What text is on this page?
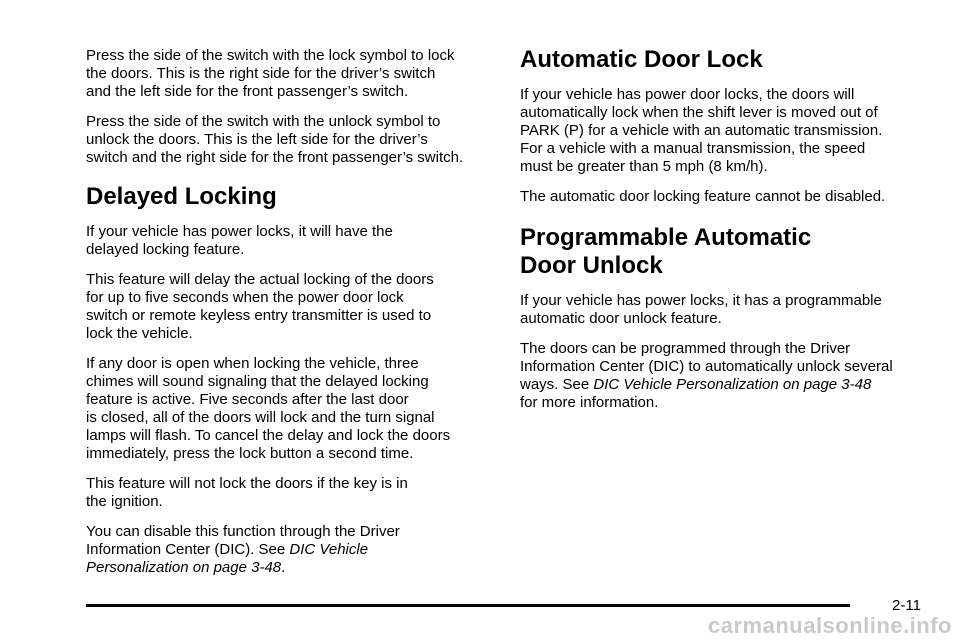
Press the side of the switch with the lock symbol to lock
the doors. This is the right side for the driver’s switch
and the left side for the front passenger’s switch.

Press the side of the switch with the unlock symbol to
unlock the doors. This is the left side for the driver’s
switch and the right side for the front passenger’s switch.

Delayed Locking

If your vehicle has power locks, it will have the
delayed locking feature.

This feature will delay the actual locking of the doors
for up to five seconds when the power door lock
switch or remote keyless entry transmitter is used to
lock the vehicle.

If any door is open when locking the vehicle, three
chimes will sound signaling that the delayed locking
feature is active. Five seconds after the last door
is closed, all of the doors will lock and the turn signal
lamps will flash. To cancel the delay and lock the doors
immediately, press the lock button a second time.

This feature will not lock the doors if the key is in
the ignition.

You can disable this function through the Driver
Information Center (DIC). See DIC Vehicle
Personalization on page 3-48.

Automatic Door Lock

If your vehicle has power door locks, the doors will
automatically lock when the shift lever is moved out of
PARK (P) for a vehicle with an automatic transmission.
For a vehicle with a manual transmission, the speed
must be greater than 5 mph (8 km/h).

The automatic door locking feature cannot be disabled.

Programmable Automatic
Door Unlock

If your vehicle has power locks, it has a programmable
automatic door unlock feature.

The doors can be programmed through the Driver
Information Center (DIC) to automatically unlock several
ways. See DIC Vehicle Personalization on page 3-48
for more information.

2-11
carmanualsonline.info
